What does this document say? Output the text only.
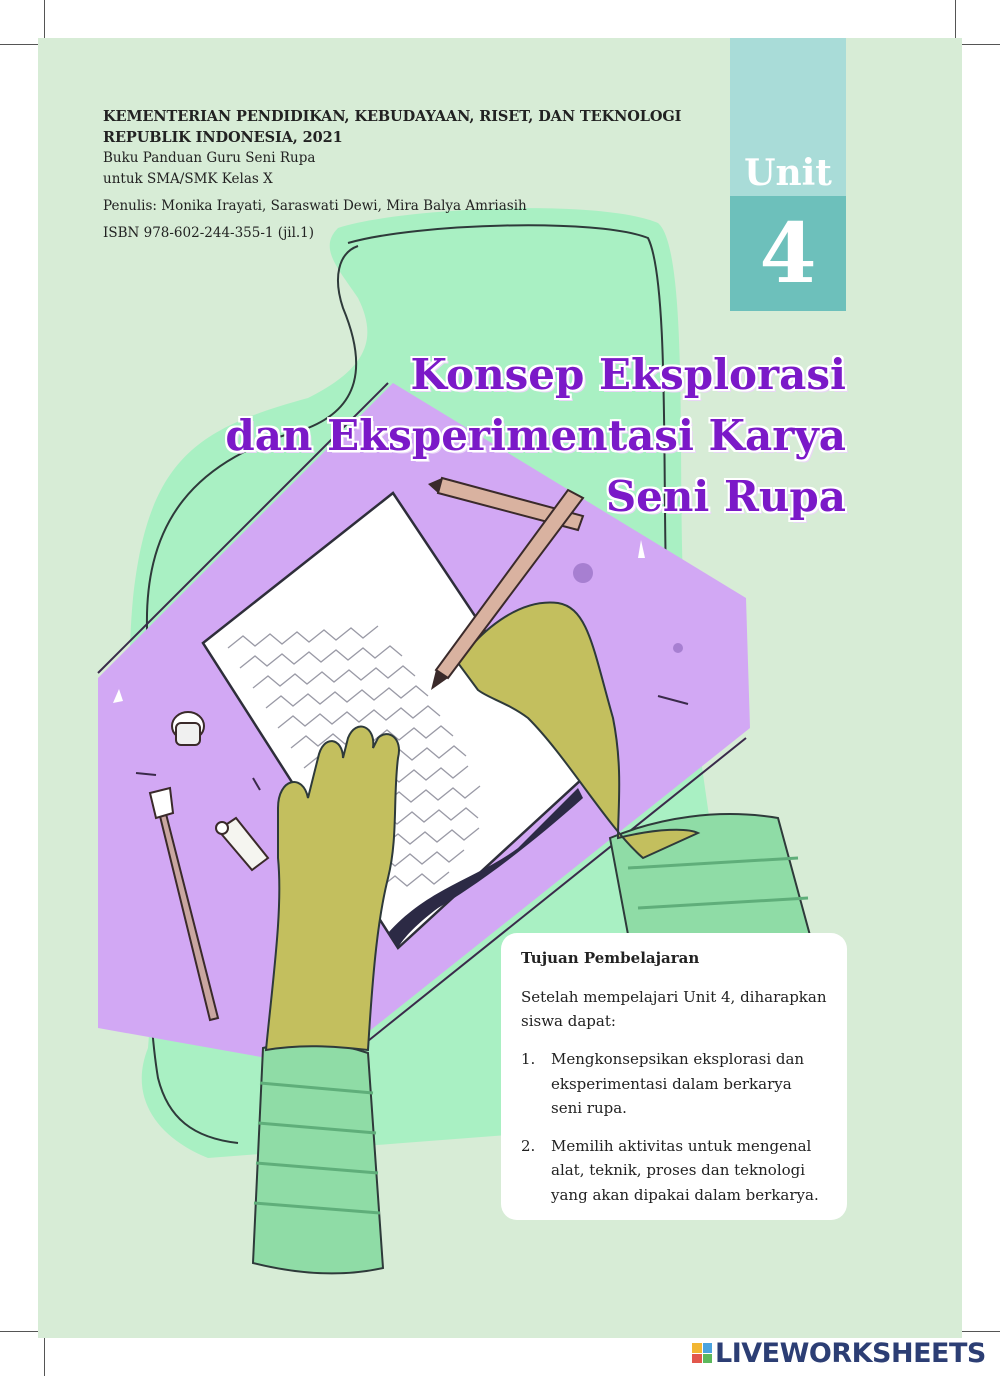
KEMENTERIAN PENDIDIKAN, KEBUDAYAAN, RISET, DAN TEKNOLOGI
REPUBLIK INDONESIA, 2021
Buku Panduan Guru Seni Rupa
untuk SMA/SMK Kelas X
Penulis: Monika Irayati, Saraswati Dewi, Mira Balya Amriasih
ISBN 978-602-244-355-1 (jil.1)
Unit
4
Konsep Eksplorasi
dan Eksperimentasi Karya
Seni Rupa
Tujuan Pembelajaran
Setelah mempelajari Unit 4, diharapkan siswa dapat:
1.	Mengkonsepsikan eksplorasi dan eksperimentasi dalam berkarya seni rupa.
2.	Memilih aktivitas untuk mengenal alat, teknik, proses dan teknologi yang akan dipakai dalam berkarya.
LIVEWORKSHEETS
